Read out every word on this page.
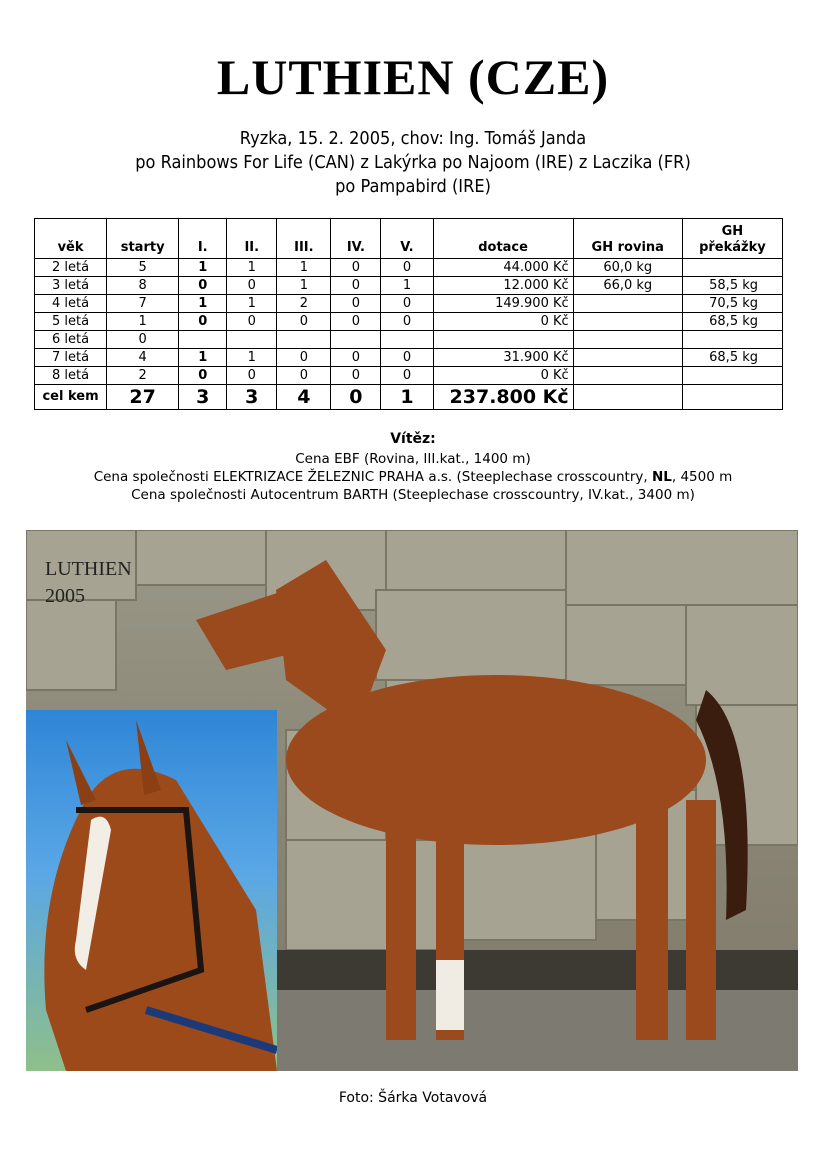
LUTHIEN (CZE)
Ryzka, 15. 2. 2005, chov: Ing. Tomáš Janda
po Rainbows For Life (CAN) z Lakýrka po Najoom (IRE) z Laczika (FR)
po Pampabird (IRE)
věk	starty	I.	II.	III.	IV.	V.	dotace	GH rovina	GH překážky
2 letá	5	1	1	1	0	0	44.000 Kč	60,0 kg	
3 letá	8	0	0	1	0	1	12.000 Kč	66,0 kg	58,5 kg
4 letá	7	1	1	2	0	0	149.900 Kč		70,5 kg
5 letá	1	0	0	0	0	0	0 Kč		68,5 kg
6 letá	0								
7 letá	4	1	1	0	0	0	31.900 Kč		68,5 kg
8 letá	2	0	0	0	0	0	0 Kč		
cel kem	27	3	3	4	0	1	237.800 Kč		
Vítěz:
Cena EBF (Rovina, III.kat., 1400 m)
Cena společnosti ELEKTRIZACE ŽELEZNIC PRAHA a.s. (Steeplechase crosscountry, NL, 4500 m
Cena společnosti Autocentrum BARTH (Steeplechase crosscountry, IV.kat., 3400 m)
LUTHIEN
2005
Foto: Šárka Votavová
